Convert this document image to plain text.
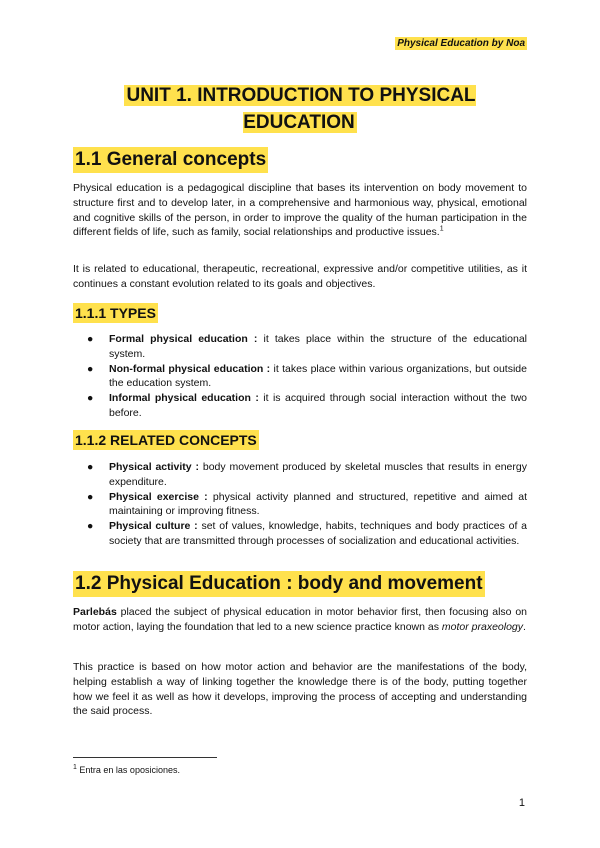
Physical Education by Noa
UNIT 1. INTRODUCTION TO PHYSICAL EDUCATION
1.1 General concepts

Physical education is a pedagogical discipline that bases its intervention on body movement to structure first and to develop later, in a comprehensive and harmonious way, physical, emotional and cognitive skills of the person, in order to improve the quality of the human participation in the different fields of life, such as family, social relationships and productive issues.$^1$

It is related to educational, therapeutic, recreational, expressive and/or competitive utilities, as it continues a constant evolution related to its goals and objectives.

1.1.1 TYPES
● Formal physical education : it takes place within the structure of the educational system.
● Non-formal physical education : it takes place within various organizations, but outside the education system.
● Informal physical education : it is acquired through social interaction without the two before.
1.1.2 RELATED CONCEPTS
● Physical activity : body movement produced by skeletal muscles that results in energy expenditure.
● Physical exercise : physical activity planned and structured, repetitive and aimed at maintaining or improving fitness.
● Physical culture : set of values, knowledge, habits, techniques and body practices of a society that are transmitted through processes of socialization and educational activities.
1.2 Physical Education : body and movement

Parlebás placed the subject of physical education in motor behavior first, then focusing also on motor action, laying the foundation that led to a new science practice known as motor praxeology.

This practice is based on how motor action and behavior are the manifestations of the body, helping establish a way of linking together the knowledge there is of the body, putting together how we feel it as well as how it develops, improving the process of accepting and understanding the said process.

$^1$ Entra en las oposiciones.
1
